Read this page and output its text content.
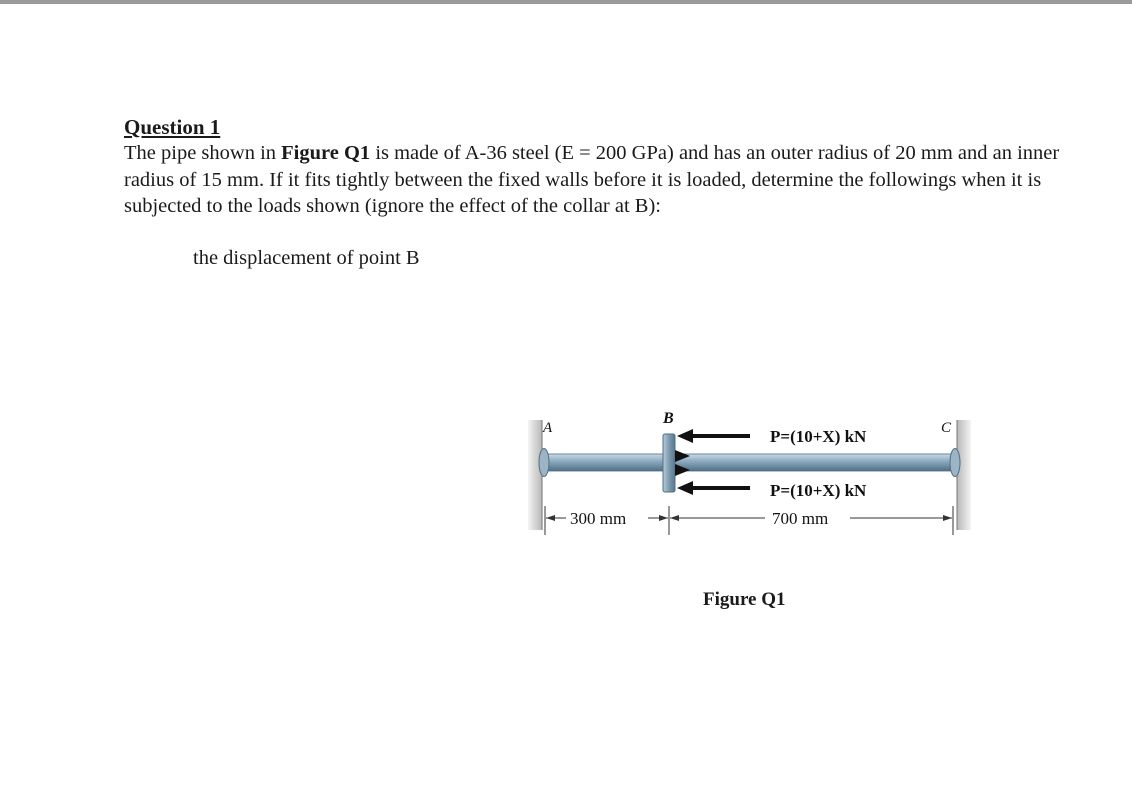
Question 1

The pipe shown in Figure Q1 is made of A-36 steel (E = 200 GPa) and has an outer radius of 20 mm and an inner radius of 15 mm. If it fits tightly between the fixed walls before it is loaded, determine the followings when it is subjected to the loads shown (ignore the effect of the collar at B):

the displacement of point B
A
B
C
P=(10+X) kN
P=(10+X) kN
300 mm	700 mm
Figure Q1
